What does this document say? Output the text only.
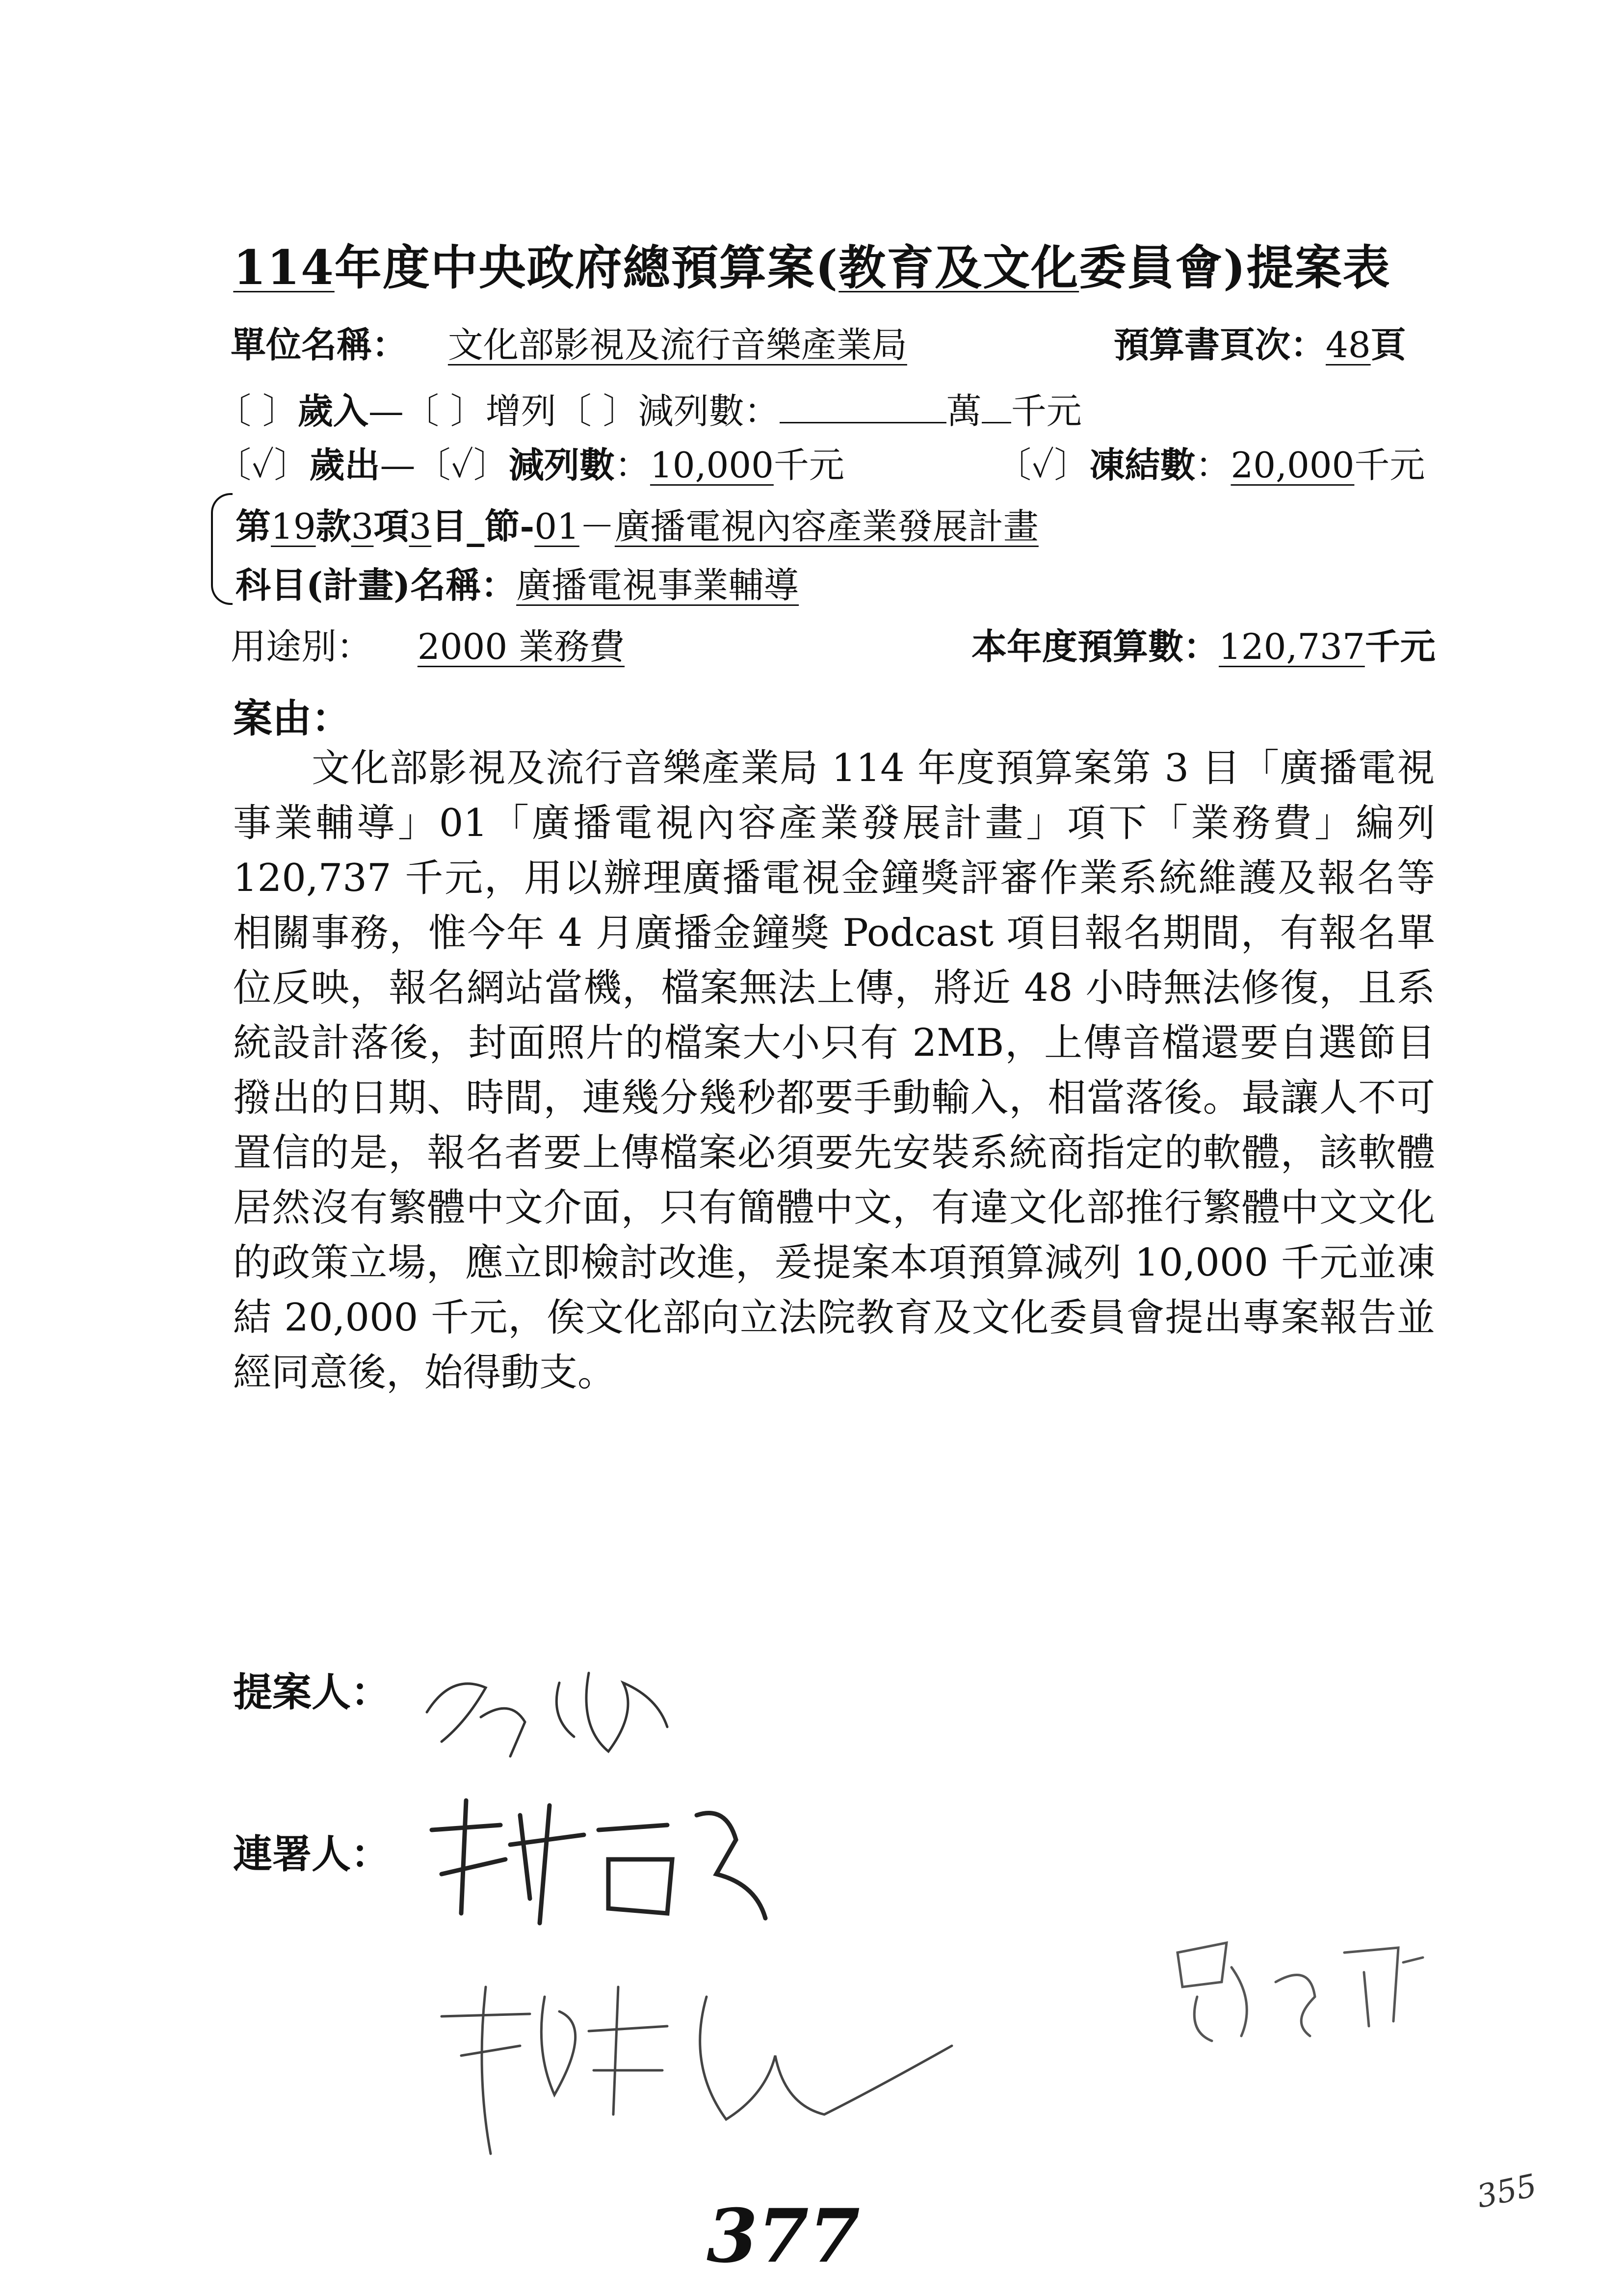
114年度中央政府總預算案(教育及文化委員會)提案表
單位名稱： 文化部影視及流行音樂產業局	預算書頁次：48頁
〔 〕歲入—〔 〕增列〔 〕減列數：	萬 千元
〔✓〕歲出—〔✓〕減列數：10,000千元	〔✓〕凍結數：20,000千元
第19款3項3目_節-01－廣播電視內容產業發展計畫
科目(計畫)名稱：廣播電視事業輔導
用途別： 2000 業務費	本年度預算數：120,737千元
案由：
文化部影視及流行音樂產業局 114 年度預算案第 3 目「廣播電視事業輔導」01「廣播電視內容產業發展計畫」項下「業務費」編列 120,737 千元，用以辦理廣播電視金鐘獎評審作業系統維護及報名等相關事務，惟今年 4 月廣播金鐘獎 Podcast 項目報名期間，有報名單位反映，報名網站當機，檔案無法上傳，將近 48 小時無法修復，且系統設計落後，封面照片的檔案大小只有 2MB，上傳音檔還要自選節目撥出的日期、時間，連幾分幾秒都要手動輸入，相當落後。最讓人不可置信的是，報名者要上傳檔案必須要先安裝系統商指定的軟體，該軟體居然沒有繁體中文介面，只有簡體中文，有違文化部推行繁體中文文化的政策立場，應立即檢討改進，爰提案本項預算減列 10,000 千元並凍結 20,000 千元，俟文化部向立法院教育及文化委員會提出專案報告並經同意後，始得動支。
提案人：
連署人：
377
355
